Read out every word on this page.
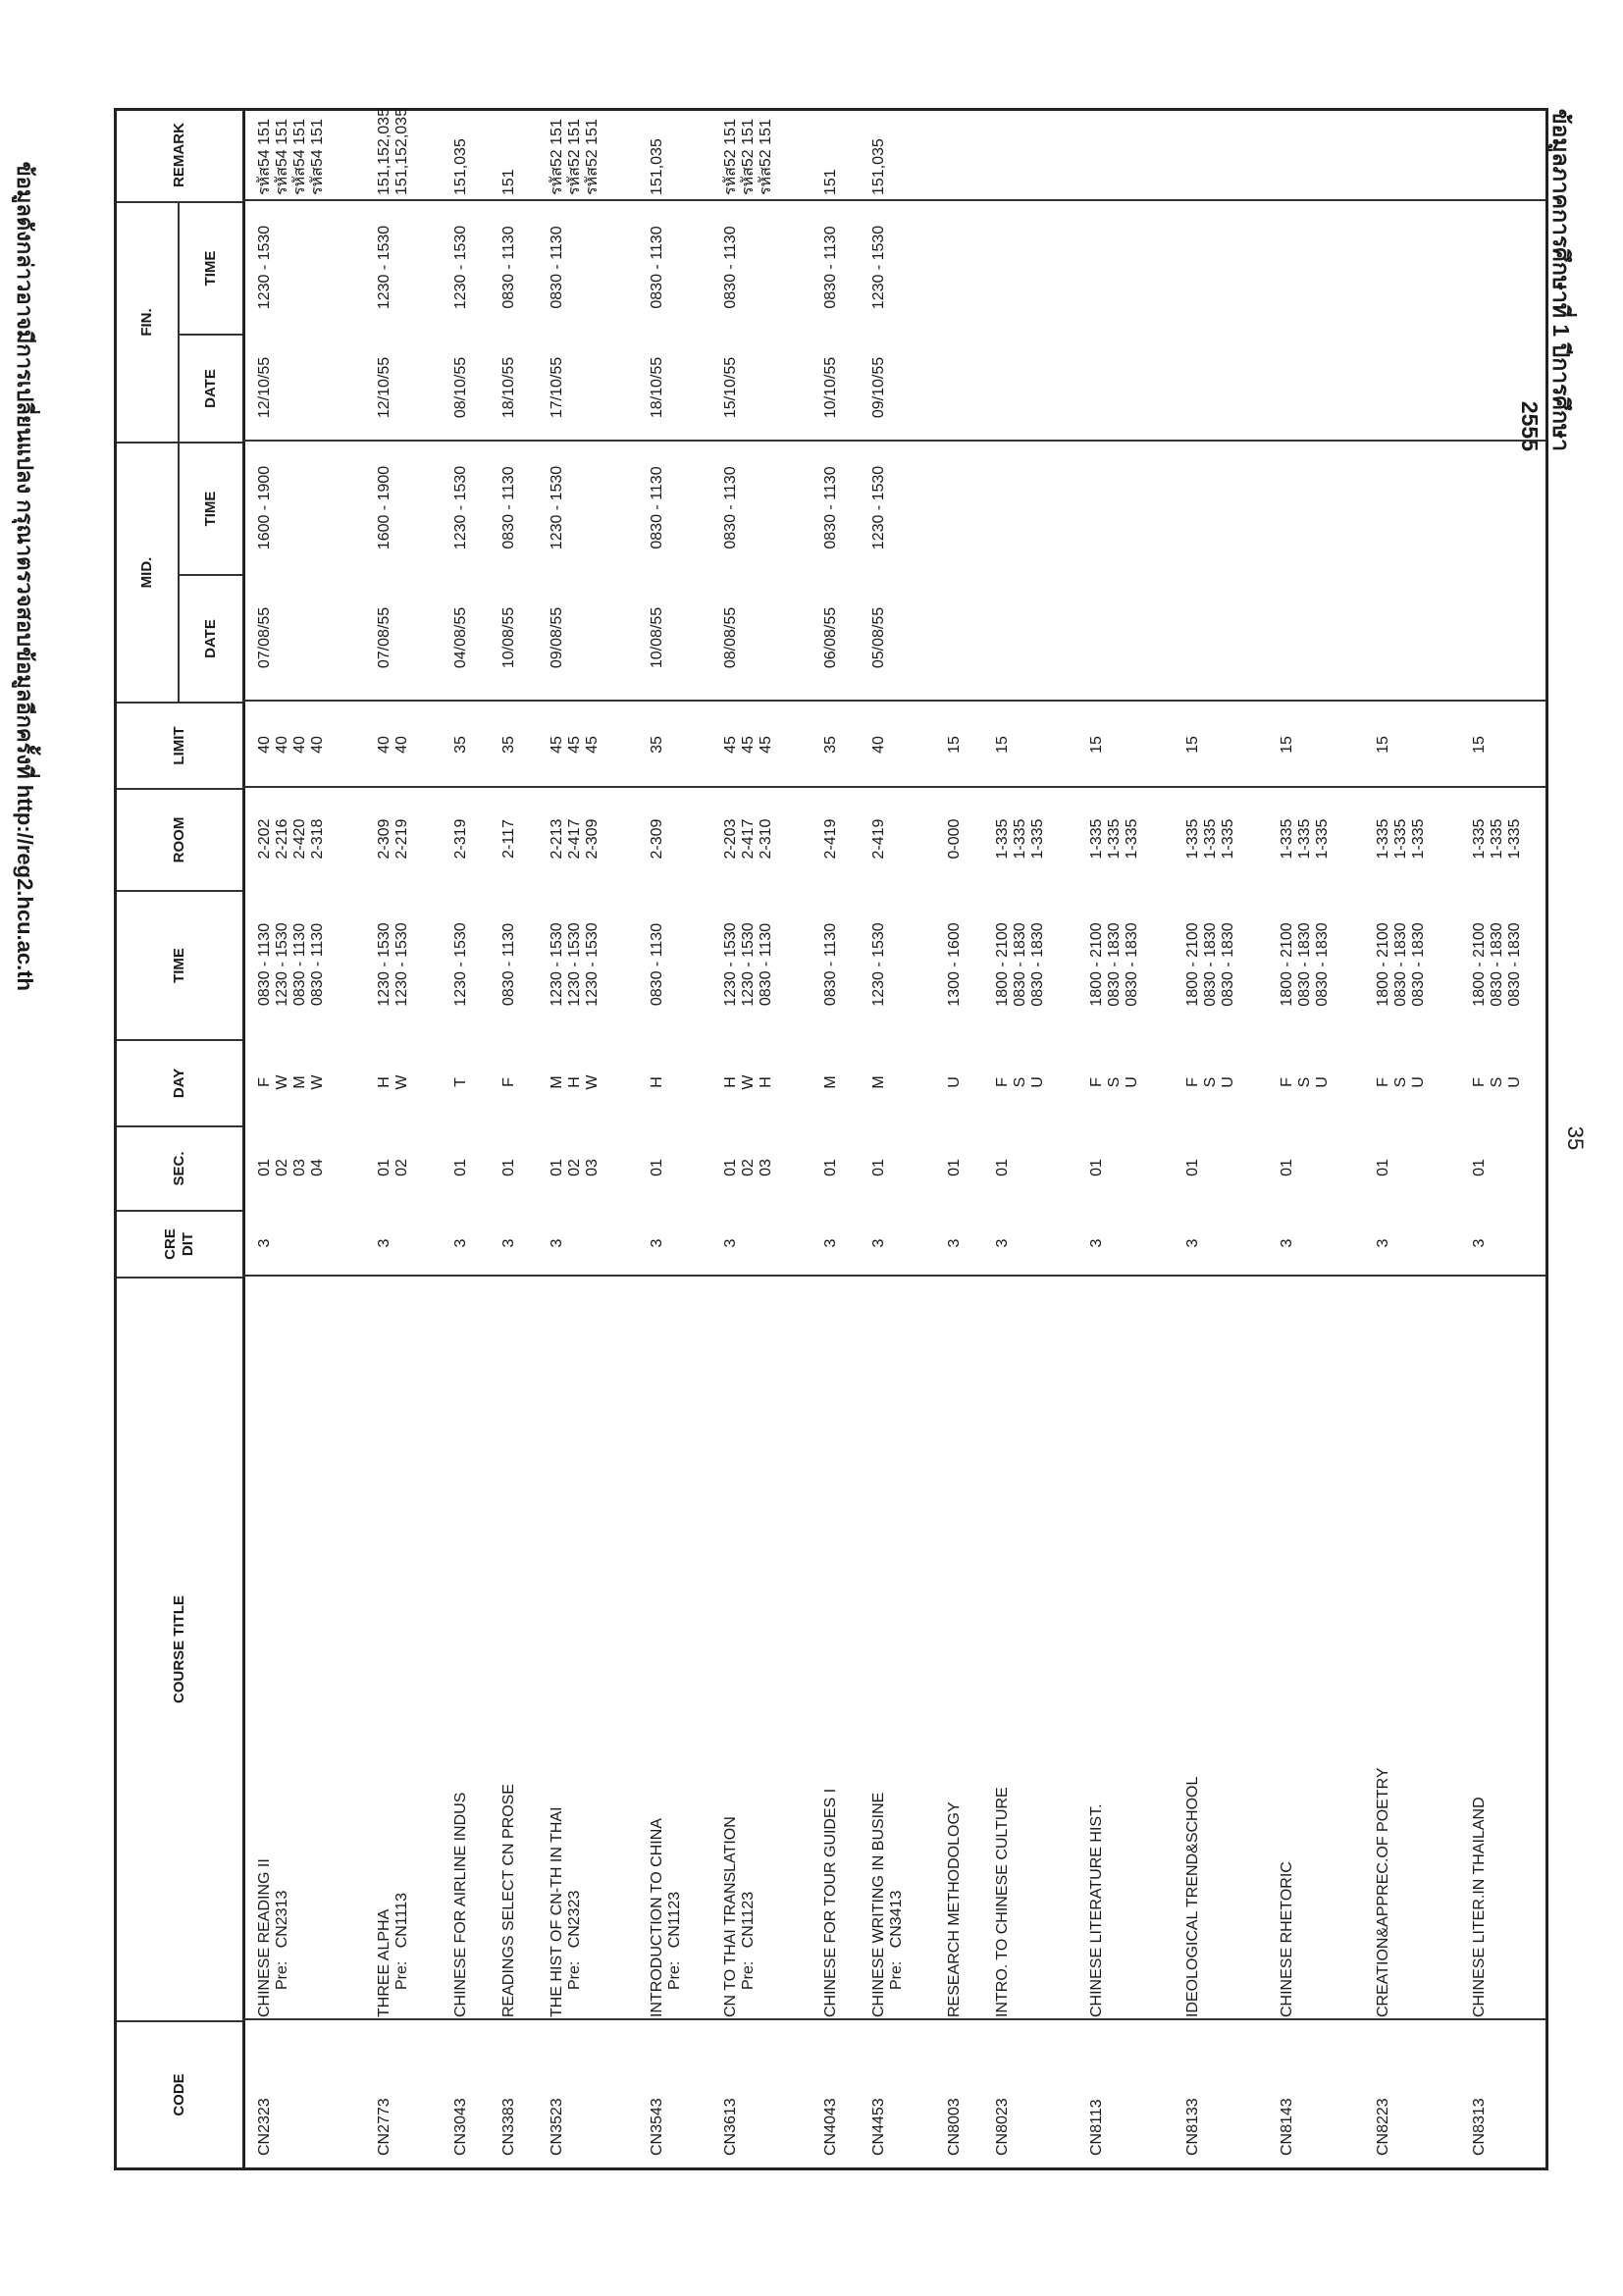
35
ข้อมูลภาคการศึกษาที่ 1 ปีการศึกษา 2555
ข้อมูลดังกล่าวอาจมีการเปลี่ยนแปลง กรุณาตรวจสอบข้อมูลอีกครั้งที่ http://reg2.hcu.ac.th
CODE
COURSE TITLE
CRE
DIT
SEC.
DAY
TIME
ROOM
LIMIT
MID.
DATE
TIME
FIN.
DATE
TIME
REMARK
CHINESE READING II Pre:   CN2313
CN2323
3
01
02
03
04
F
W
M
W
0830 - 1130
1230 - 1530
0830 - 1130
0830 - 1130
2-202
2-216
2-420
2-318
40
40
40
40
07/08/55
1600 - 1900
12/10/55
1230 - 1530
รหัส54 151
รหัส54 151
รหัส54 151
รหัส54 151
THREE ALPHA Pre:   CN1113
CN2773
3
01
02
H
W
1230 - 1530
1230 - 1530
2-309
2-219
40
40
07/08/55
1600 - 1900
12/10/55
1230 - 1530
151,152,035
151,152,035
CHINESE FOR AIRLINE INDUS
CN3043
3
01
T
1230 - 1530
2-319
35
04/08/55
1230 - 1530
08/10/55
1230 - 1530
151,035
READINGS SELECT CN PROSE
CN3383
3
01
F
0830 - 1130
2-117
35
10/08/55
0830 - 1130
18/10/55
0830 - 1130
151
THE HIST OF CN-TH IN THAI Pre:   CN2323
CN3523
3
01
02
03
M
H
W
1230 - 1530
1230 - 1530
1230 - 1530
2-213
2-417
2-309
45
45
45
09/08/55
1230 - 1530
17/10/55
0830 - 1130
รหัส52 151
รหัส52 151
รหัส52 151
INTRODUCTION TO CHINA Pre:   CN1123
CN3543
3
01
H
0830 - 1130
2-309
35
10/08/55
0830 - 1130
18/10/55
0830 - 1130
151,035
CN TO THAI TRANSLATION Pre:   CN1123
CN3613
3
01
02
03
H
W
H
1230 - 1530
1230 - 1530
0830 - 1130
2-203
2-417
2-310
45
45
45
08/08/55
0830 - 1130
15/10/55
0830 - 1130
รหัส52 151
รหัส52 151
รหัส52 151
CHINESE FOR TOUR GUIDES I
CN4043
3
01
M
0830 - 1130
2-419
35
06/08/55
0830 - 1130
10/10/55
0830 - 1130
151
CHINESE WRITING IN BUSINE Pre:   CN3413
CN4453
3
01
M
1230 - 1530
2-419
40
05/08/55
1230 - 1530
09/10/55
1230 - 1530
151,035
RESEARCH METHODOLOGY
CN8003
3
01
U
1300 - 1600
0-000
15
INTRO. TO CHINESE CULTURE
CN8023
3
01
F
S
U
1800 - 2100
0830 - 1830
0830 - 1830
1-335
1-335
1-335
15
CHINESE LITERATURE HIST.
CN8113
3
01
F
S
U
1800 - 2100
0830 - 1830
0830 - 1830
1-335
1-335
1-335
15
IDEOLOGICAL TREND&SCHOOL
CN8133
3
01
F
S
U
1800 - 2100
0830 - 1830
0830 - 1830
1-335
1-335
1-335
15
CHINESE RHETORIC
CN8143
3
01
F
S
U
1800 - 2100
0830 - 1830
0830 - 1830
1-335
1-335
1-335
15
CREATION&APPREC.OF POETRY
CN8223
3
01
F
S
U
1800 - 2100
0830 - 1830
0830 - 1830
1-335
1-335
1-335
15
CHINESE LITER.IN THAILAND
CN8313
3
01
F
S
U
1800 - 2100
0830 - 1830
0830 - 1830
1-335
1-335
1-335
15
